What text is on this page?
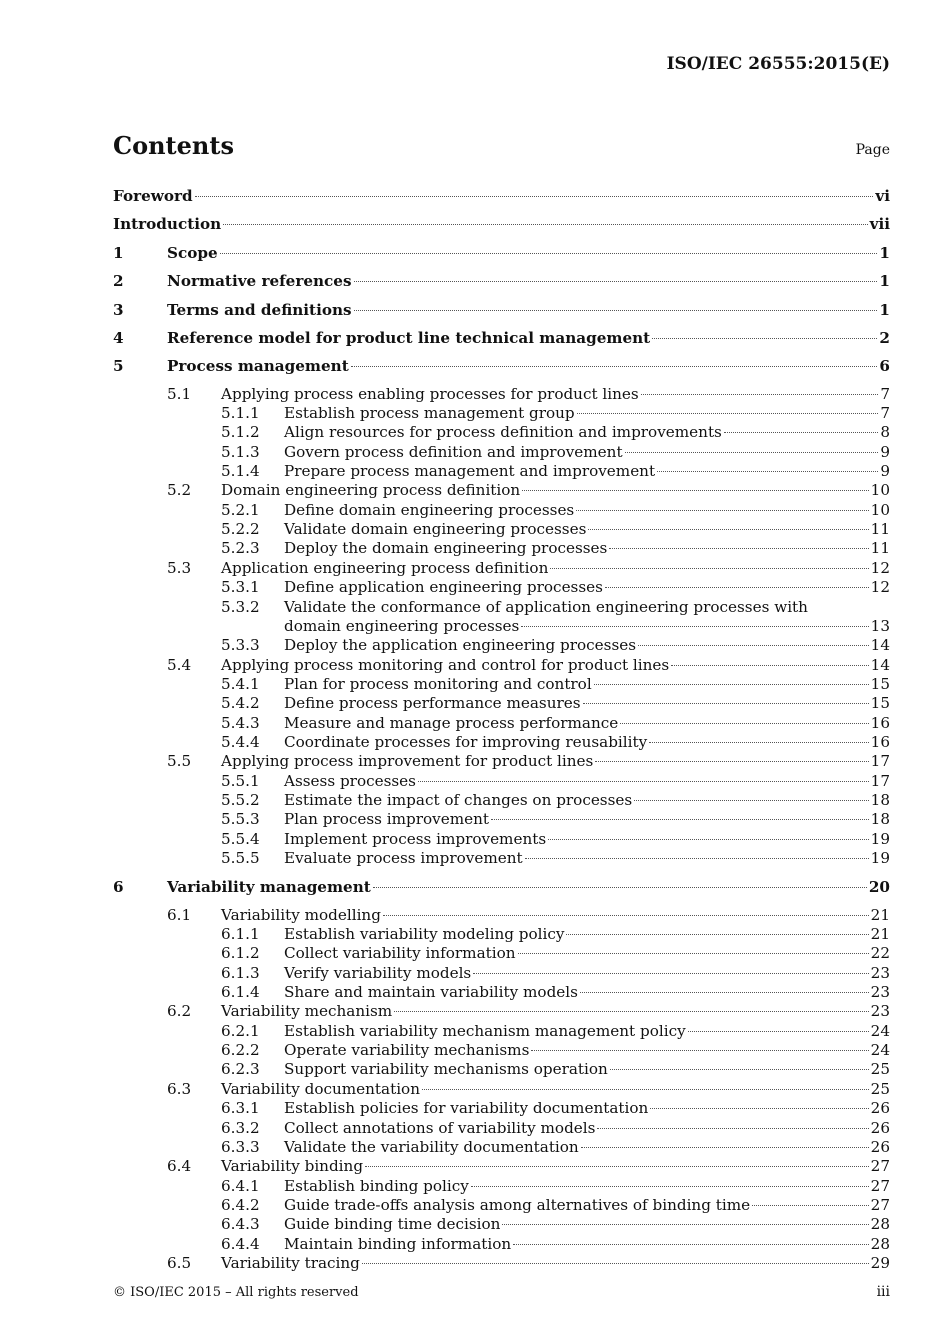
ISO/IEC 26555:2015(E)
Contents	Page
Foreword	vi
Introduction	vii
1	Scope	1
2	Normative references	1
3	Terms and definitions	1
4	Reference model for product line technical management	2
5	Process management	6
5.1 Applying process enabling processes for product lines	7
5.1.1 Establish process management group	7
5.1.2 Align resources for process definition and improvements	8
5.1.3 Govern process definition and improvement	9
5.1.4 Prepare process management and improvement	9
5.2 Domain engineering process definition	10
5.2.1 Define domain engineering processes	10
5.2.2 Validate domain engineering processes	11
5.2.3 Deploy the domain engineering processes	11
5.3 Application engineering process definition	12
5.3.1 Define application engineering processes	12
5.3.2 Validate the conformance of application engineering processes with
domain engineering processes	13
5.3.3 Deploy the application engineering processes	14
5.4 Applying process monitoring and control for product lines	14
5.4.1 Plan for process monitoring and control	15
5.4.2 Define process performance measures	15
5.4.3 Measure and manage process performance	16
5.4.4 Coordinate processes for improving reusability	16
5.5 Applying process improvement for product lines	17
5.5.1 Assess processes	17
5.5.2 Estimate the impact of changes on processes	18
5.5.3 Plan process improvement	18
5.5.4 Implement process improvements	19
5.5.5 Evaluate process improvement	19
6	Variability management	20
6.1 Variability modelling	21
6.1.1 Establish variability modeling policy	21
6.1.2 Collect variability information	22
6.1.3 Verify variability models	23
6.1.4 Share and maintain variability models	23
6.2 Variability mechanism	23
6.2.1 Establish variability mechanism management policy	24
6.2.2 Operate variability mechanisms	24
6.2.3 Support variability mechanisms operation	25
6.3 Variability documentation	25
6.3.1 Establish policies for variability documentation	26
6.3.2 Collect annotations of variability models	26
6.3.3 Validate the variability documentation	26
6.4 Variability binding	27
6.4.1 Establish binding policy	27
6.4.2 Guide trade-offs analysis among alternatives of binding time	27
6.4.3 Guide binding time decision	28
6.4.4 Maintain binding information	28
6.5 Variability tracing	29
© ISO/IEC 2015 – All rights reserved	iii
